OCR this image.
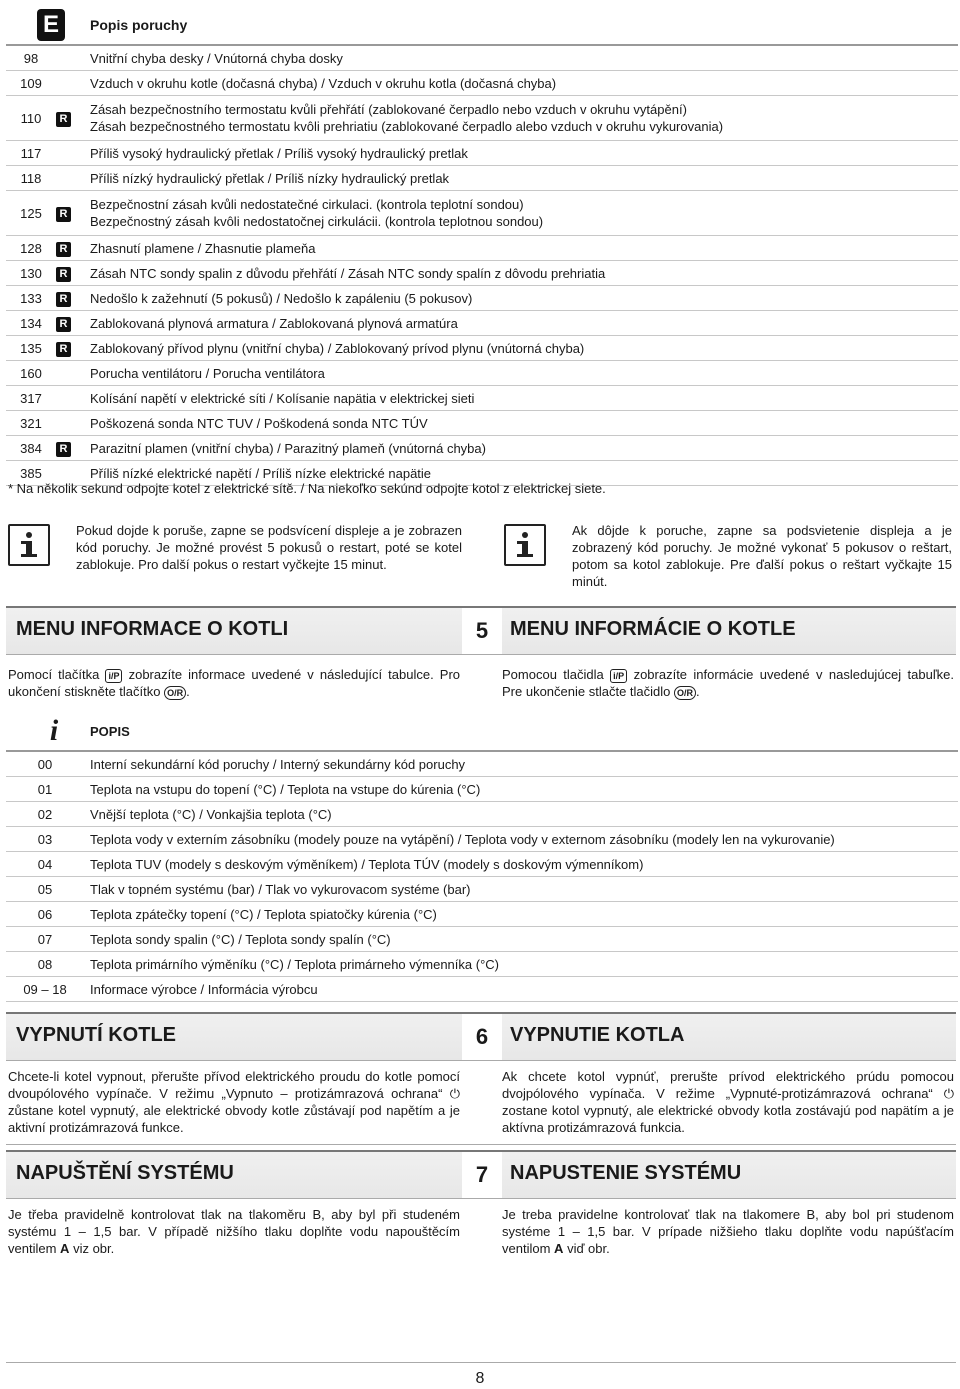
E		Popis poruchy
98		Vnitřní chyba desky / Vnútorná chyba dosky

109		Vzduch v okruhu kotle (dočasná chyba) / Vzduch v okruhu kotla (dočasná chyba)

110	R	Zásah bezpečnostního termostatu kvůli přehřátí (zablokované čerpadlo nebo vzduch v okruhu vytápění)
Zásah bezpečnostného termostatu kvôli prehriatiu (zablokované čerpadlo alebo vzduch v okruhu vykurovania)

117		Příliš vysoký hydraulický přetlak / Príliš vysoký hydraulický pretlak

118		Příliš nízký hydraulický přetlak / Príliš nízky hydraulický pretlak

125	R	Bezpečnostní zásah kvůli nedostatečné cirkulaci. (kontrola teplotní sondou)
Bezpečnostný zásah kvôli nedostatočnej cirkulácii. (kontrola teplotnou sondou)

128	R	Zhasnutí plamene / Zhasnutie plameňa

130	R	Zásah NTC sondy spalin z důvodu přehřátí / Zásah NTC sondy spalín z dôvodu prehriatia

133	R	Nedošlo k zažehnutí (5 pokusů) / Nedošlo k zapáleniu (5 pokusov)

134	R	Zablokovaná plynová armatura / Zablokovaná plynová armatúra

135	R	Zablokovaný přívod plynu (vnitřní chyba) / Zablokovaný prívod plynu (vnútorná chyba)

160		Porucha ventilátoru / Porucha ventilátora

317		Kolísání napětí v elektrické síti / Kolísanie napätia v elektrickej sieti

321		Poškozená sonda NTC TUV / Poškodená sonda NTC TÚV

384	R	Parazitní plamen (vnitřní chyba) / Parazitný plameň (vnútorná chyba)

385		Příliš nízké elektrické napětí / Príliš nízke elektrické napätie
* Na několik sekund odpojte kotel z elektrické sítě. / Na niekoľko sekúnd odpojte kotol z elektrickej siete.

Pokud dojde k poruše, zapne se podsvícení displeje a je zobrazen kód poruchy. Je možné provést 5 pokusů o restart, poté se kotel zablokuje. Pro další pokus o restart vyčkejte 15 minut.

Ak dôjde k poruche, zapne sa podsvietenie displeja a je zobrazený kód poruchy. Je možné vykonať 5 pokusov o reštart, potom sa kotol zablokuje. Pre ďalší pokus o reštart vyčkajte 15 minút.

MENU INFORMACE O KOTLI	5	MENU INFORMÁCIE O KOTLE

Pomocí tlačítka i/P zobrazíte informace uvedené v následující tabulce. Pro ukončení stiskněte tlačítko O/R .

Pomocou tlačidla i/P zobrazíte informácie uvedené v nasledujúcej tabuľke. Pre ukončenie stlačte tlačidlo O/R .

i	POPIS
00	Interní sekundární kód poruchy / Interný sekundárny kód poruchy
01	Teplota na vstupu do topení (°C) / Teplota na vstupe do kúrenia (°C)
02	Vnější teplota (°C) / Vonkajšia teplota (°C)
03	Teplota vody v externím zásobníku (modely pouze na vytápění) / Teplota vody v externom zásobníku (modely len na vykurovanie)
04	Teplota TUV (modely s deskovým výměníkem) / Teplota TÚV (modely s doskovým výmenníkom)
05	Tlak v topném systému (bar) / Tlak vo vykurovacom systéme (bar)
06	Teplota zpátečky topení (°C) / Teplota spiatočky kúrenia (°C)
07	Teplota sondy spalin (°C) / Teplota sondy spalín (°C)
08	Teplota primárního výměníku (°C) / Teplota primárneho výmenníka (°C)
09 – 18	Informace výrobce / Informácia výrobcu
VYPNUTÍ KOTLE	6	VYPNUTIE KOTLA

Chcete-li kotel vypnout, přerušte přívod elektrického proudu do kotle pomocí dvoupólového vypínače. V režimu „Vypnuto – protizámrazová ochrana“ ⏻ zůstane kotel vypnutý, ale elektrické obvody kotle zůstávají pod napětím a je aktivní protizámrazová funkce.

Ak chcete kotol vypnúť, prerušte prívod elektrického prúdu pomocou dvojpólového vypínača. V režime „Vypnuté-protizámrazová ochrana“ ⏻ zostane kotol vypnutý, ale elektrické obvody kotla zostávajú pod napätím a je aktívna protizámrazová funkcia.

NAPUŠTĚNÍ SYSTÉMU	7	NAPUSTENIE SYSTÉMU

Je třeba pravidelně kontrolovat tlak na tlakoměru B, aby byl při studeném systému 1 – 1,5 bar. V případě nižšího tlaku doplňte vodu napouštěcím ventilem A viz obr.

Je treba pravidelne kontrolovať tlak na tlakomere B, aby bol pri studenom systéme 1 – 1,5 bar. V prípade nižšieho tlaku doplňte vodu napúšťacím ventilom A viď obr.

8
